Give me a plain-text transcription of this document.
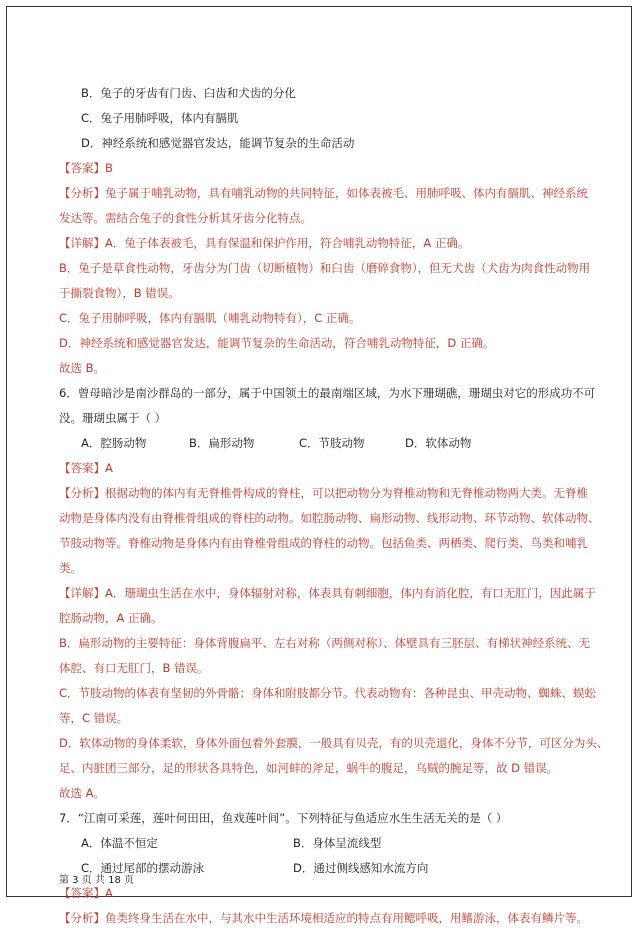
B．兔子的牙齿有门齿、臼齿和犬齿的分化
C．兔子用肺呼吸，体内有膈肌
D．神经系统和感觉器官发达，能调节复杂的生命活动
【答案】B
【分析】兔子属于哺乳动物，具有哺乳动物的共同特征，如体表被毛、用肺呼吸、体内有膈肌、神经系统
发达等。需结合兔子的食性分析其牙齿分化特点。
【详解】A．兔子体表被毛，具有保温和保护作用，符合哺乳动物特征，A 正确。
B．兔子是草食性动物，牙齿分为门齿（切断植物）和臼齿（磨碎食物），但无犬齿（犬齿为肉食性动物用
于撕裂食物），B 错误。
C．兔子用肺呼吸，体内有膈肌（哺乳动物特有），C 正确。
D．神经系统和感觉器官发达，能调节复杂的生命活动，符合哺乳动物特征，D 正确。
故选 B。
6．曾母暗沙是南沙群岛的一部分，属于中国领土的最南端区域，为水下珊瑚礁，珊瑚虫对它的形成功不可
没。珊瑚虫属于（ ）
A．腔肠动物	B．扁形动物	C．节肢动物	D．软体动物
【答案】A
【分析】根据动物的体内有无脊椎骨构成的脊柱，可以把动物分为脊椎动物和无脊椎动物两大类。无脊椎
动物是身体内没有由脊椎骨组成的脊柱的动物。如腔肠动物、扁形动物、线形动物、环节动物、软体动物、
节肢动物等。脊椎动物是身体内有由脊椎骨组成的脊柱的动物。包括鱼类、两栖类、爬行类、鸟类和哺乳
类。
【详解】A．珊瑚虫生活在水中，身体辐射对称，体表具有刺细胞，体内有消化腔，有口无肛门，因此属于
腔肠动物，A 正确。
B．扁形动物的主要特征：身体背腹扁平、左右对称（两侧对称）、体壁具有三胚层、有梯状神经系统、无
体腔、有口无肛门，B 错误。
C．节肢动物的体表有坚韧的外骨骼；身体和附肢都分节。代表动物有：各种昆虫、甲壳动物、蜘蛛、蜈蚣
等，C 错误。
D．软体动物的身体柔软，身体外面包着外套膜，一般具有贝壳，有的贝壳退化，身体不分节，可区分为头、
足、内脏团三部分，足的形状各具特色，如河蚌的斧足，蜗牛的腹足，乌贼的腕足等，故 D 错误。
故选 A。
7．“江南可采莲，莲叶何田田，鱼戏莲叶间”。下列特征与鱼适应水生生活无关的是（ ）
A．体温不恒定	B．身体呈流线型
C．通过尾部的摆动游泳	D．通过侧线感知水流方向
【答案】A
【分析】鱼类终身生活在水中，与其水中生活环境相适应的特点有用鳃呼吸，用鳍游泳，体表有鳞片等。
第 3 页 共 18 页
